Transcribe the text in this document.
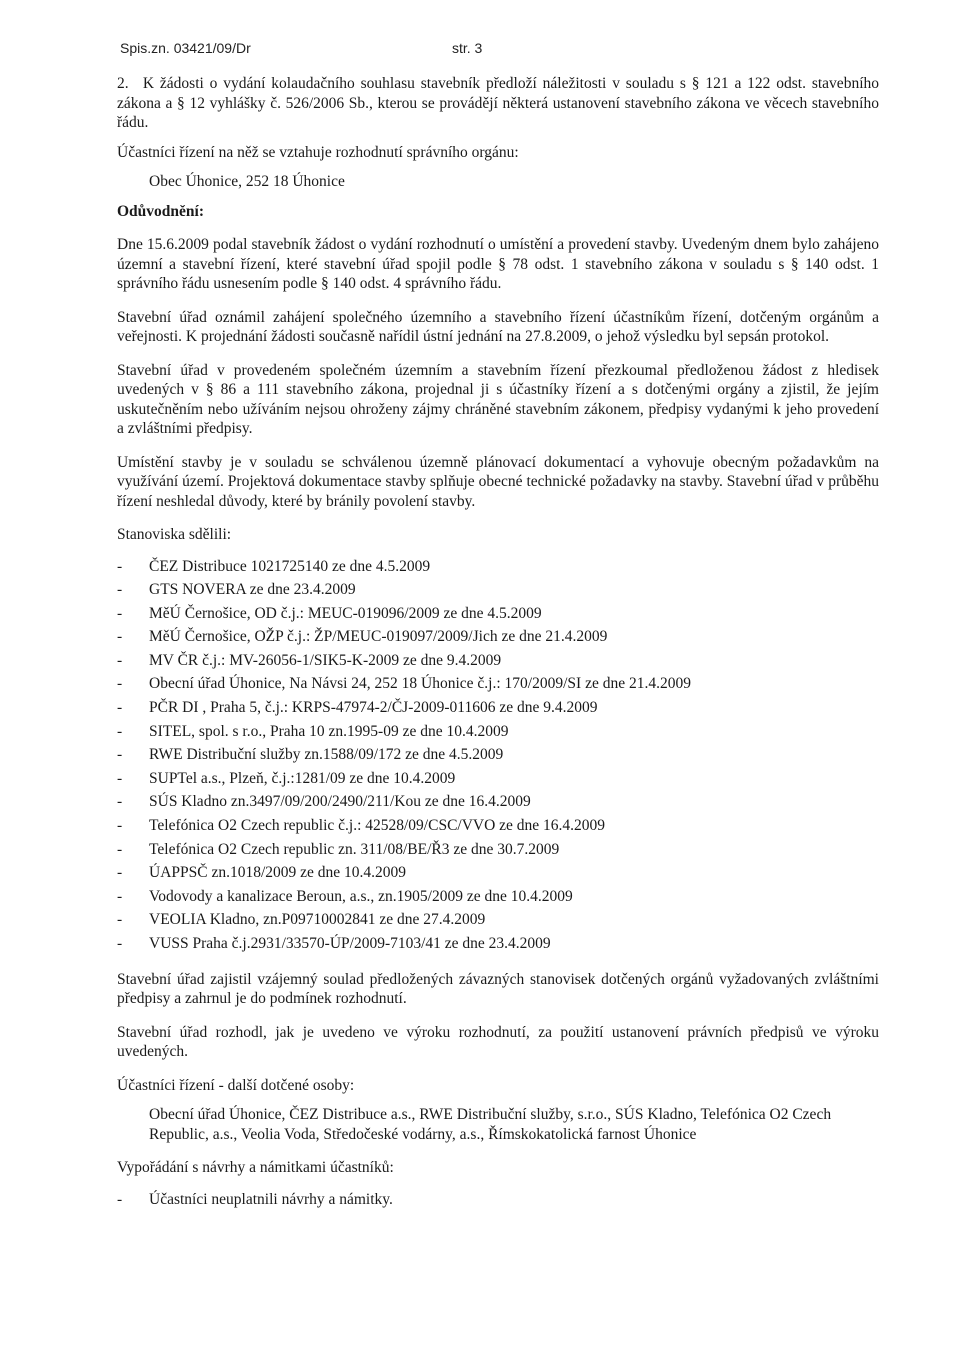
Spis.zn. 03421/09/Dr	str. 3

2. K žádosti o vydání kolaudačního souhlasu stavebník předloží náležitosti v souladu s § 121 a 122 odst. stavebního zákona a § 12 vyhlášky č. 526/2006 Sb., kterou se provádějí některá ustanovení stavebního zákona ve věcech stavebního řádu.

Účastníci řízení na něž se vztahuje rozhodnutí správního orgánu:

Obec Úhonice, 252 18 Úhonice

Odůvodnění:

Dne 15.6.2009 podal stavebník žádost o vydání rozhodnutí o umístění a provedení stavby. Uvedeným dnem bylo zahájeno územní a stavební řízení, které stavební úřad spojil podle § 78 odst. 1 stavebního zákona v souladu s § 140 odst. 1 správního řádu usnesením podle § 140 odst. 4 správního řádu.

Stavební úřad oznámil zahájení společného územního a stavebního řízení účastníkům řízení, dotčeným orgánům a veřejnosti. K projednání žádosti současně nařídil ústní jednání na 27.8.2009, o jehož výsledku byl sepsán protokol.

Stavební úřad v provedeném společném územním a stavebním řízení přezkoumal předloženou žádost z hledisek uvedených v § 86 a 111 stavebního zákona, projednal ji s účastníky řízení a s dotčenými orgány a zjistil, že jejím uskutečněním nebo užíváním nejsou ohroženy zájmy chráněné stavebním zákonem, předpisy vydanými k jeho provedení a zvláštními předpisy.

Umístění stavby je v souladu se schválenou územně plánovací dokumentací a vyhovuje obecným požadavkům na využívání území. Projektová dokumentace stavby splňuje obecné technické požadavky na stavby. Stavební úřad v průběhu řízení neshledal důvody, které by bránily povolení stavby.

Stanoviska sdělili:

- ČEZ Distribuce 1021725140 ze dne 4.5.2009
- GTS NOVERA ze dne 23.4.2009
- MěÚ Černošice, OD č.j.: MEUC-019096/2009 ze dne 4.5.2009
- MěÚ Černošice, OŽP č.j.: ŽP/MEUC-019097/2009/Jich ze dne 21.4.2009
- MV ČR č.j.: MV-26056-1/SIK5-K-2009 ze dne 9.4.2009
- Obecní úřad Úhonice, Na Návsi 24, 252 18 Úhonice č.j.: 170/2009/SI ze dne 21.4.2009
- PČR DI , Praha 5, č.j.: KRPS-47974-2/ČJ-2009-011606 ze dne 9.4.2009
- SITEL, spol. s r.o., Praha 10 zn.1995-09 ze dne 10.4.2009
- RWE Distribuční služby zn.1588/09/172 ze dne 4.5.2009
- SUPTel a.s., Plzeň, č.j.:1281/09 ze dne 10.4.2009
- SÚS Kladno zn.3497/09/200/2490/211/Kou ze dne 16.4.2009
- Telefónica O2 Czech republic č.j.: 42528/09/CSC/VVO ze dne 16.4.2009
- Telefónica O2 Czech republic zn. 311/08/BE/Ř3 ze dne 30.7.2009
- ÚAPPSČ zn.1018/2009 ze dne 10.4.2009
- Vodovody a kanalizace Beroun, a.s., zn.1905/2009 ze dne 10.4.2009
- VEOLIA Kladno, zn.P09710002841 ze dne 27.4.2009
- VUSS Praha č.j.2931/33570-ÚP/2009-7103/41 ze dne 23.4.2009

Stavební úřad zajistil vzájemný soulad předložených závazných stanovisek dotčených orgánů vyžadovaných zvláštními předpisy a zahrnul je do podmínek rozhodnutí.

Stavební úřad rozhodl, jak je uvedeno ve výroku rozhodnutí, za použití ustanovení právních předpisů ve výroku uvedených.

Účastníci řízení - další dotčené osoby:

Obecní úřad Úhonice, ČEZ Distribuce a.s., RWE Distribuční služby, s.r.o., SÚS Kladno, Telefónica O2 Czech Republic, a.s., Veolia Voda, Středočeské vodárny, a.s., Římskokatolická farnost Úhonice

Vypořádání s návrhy a námitkami účastníků:

- Účastníci neuplatnili návrhy a námitky.
